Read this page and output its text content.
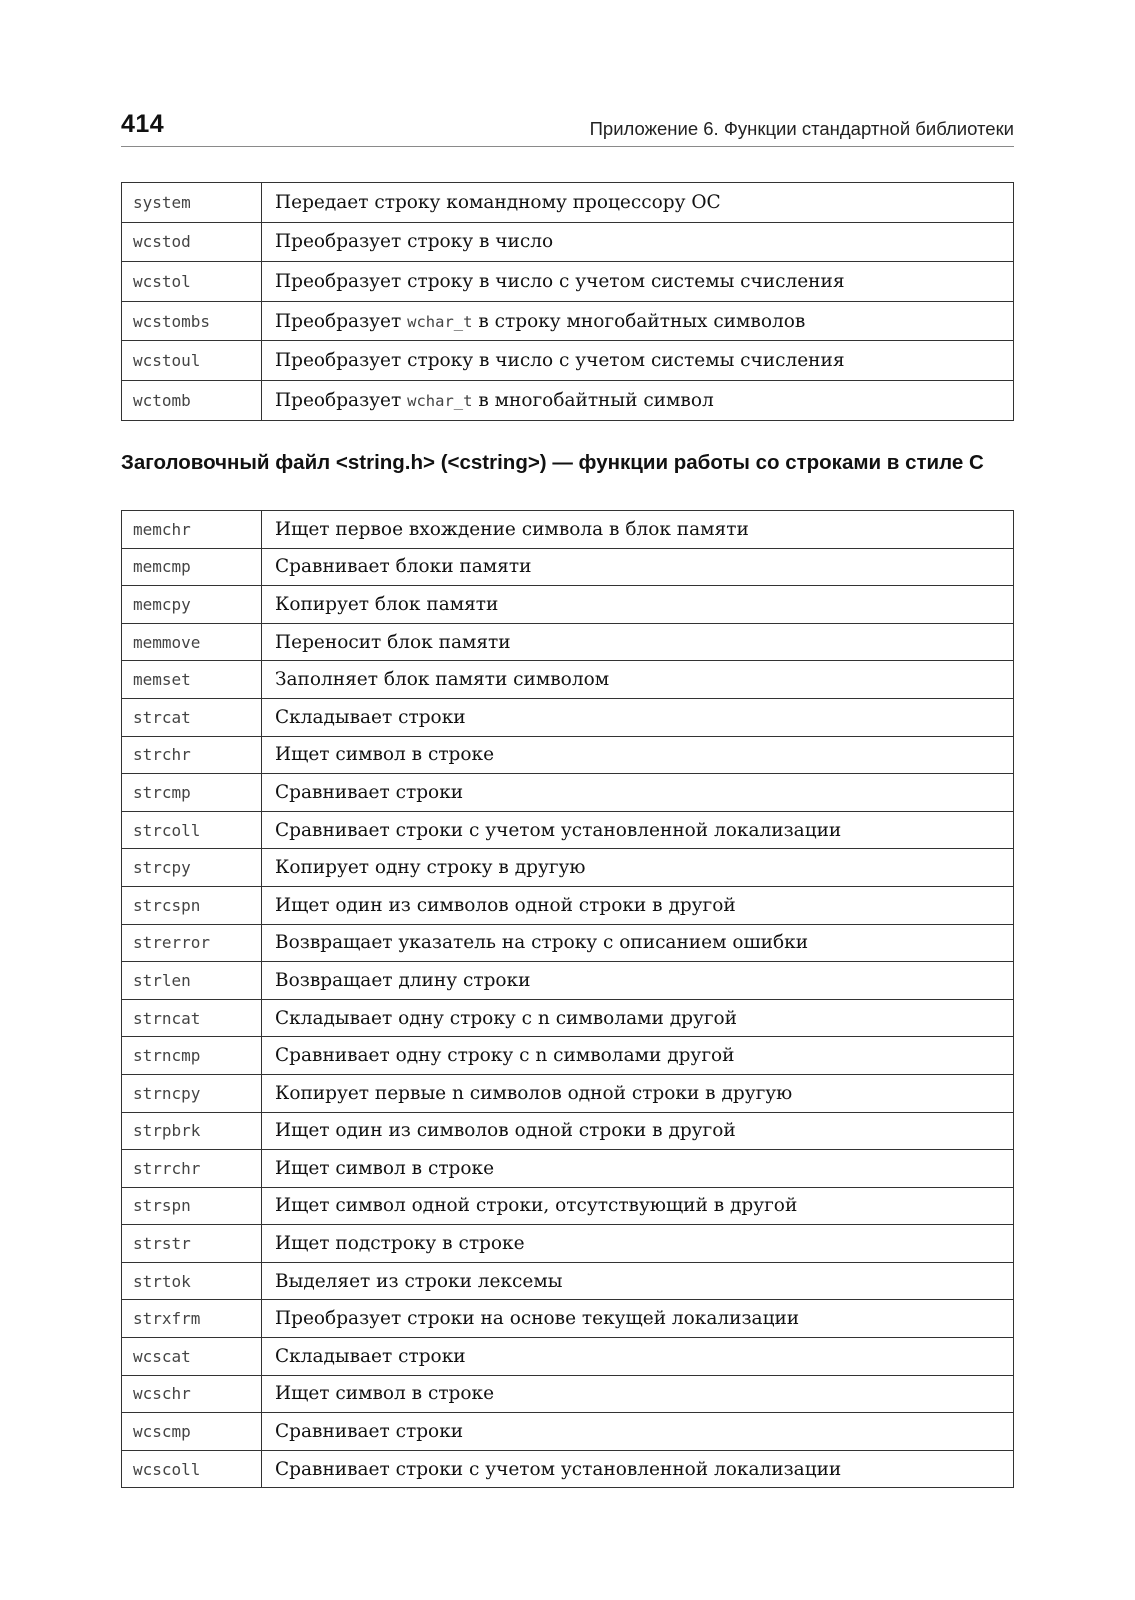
414	Приложение 6. Функции стандартной библиотеки
system	Передает строку командному процессору ОС
wcstod	Преобразует строку в число
wcstol	Преобразует строку в число с учетом системы счисления
wcstombs	Преобразует wchar_t в строку многобайтных символов
wcstoul	Преобразует строку в число с учетом системы счисления
wctomb	Преобразует wchar_t в многобайтный символ
Заголовочный файл <string.h> (<cstring>) — функции работы со строками в стиле С
memchr	Ищет первое вхождение символа в блок памяти
memcmp	Сравнивает блоки памяти
memcpy	Копирует блок памяти
memmove	Переносит блок памяти
memset	Заполняет блок памяти символом
strcat	Складывает строки
strchr	Ищет символ в строке
strcmp	Сравнивает строки
strcoll	Сравнивает строки с учетом установленной локализации
strcpy	Копирует одну строку в другую
strcspn	Ищет один из символов одной строки в другой
strerror	Возвращает указатель на строку с описанием ошибки
strlen	Возвращает длину строки
strncat	Складывает одну строку с n символами другой
strncmp	Сравнивает одну строку с n символами другой
strncpy	Копирует первые n символов одной строки в другую
strpbrk	Ищет один из символов одной строки в другой
strrchr	Ищет символ в строке
strspn	Ищет символ одной строки, отсутствующий в другой
strstr	Ищет подстроку в строке
strtok	Выделяет из строки лексемы
strxfrm	Преобразует строки на основе текущей локализации
wcscat	Складывает строки
wcschr	Ищет символ в строке
wcscmp	Сравнивает строки
wcscoll	Сравнивает строки с учетом установленной локализации
